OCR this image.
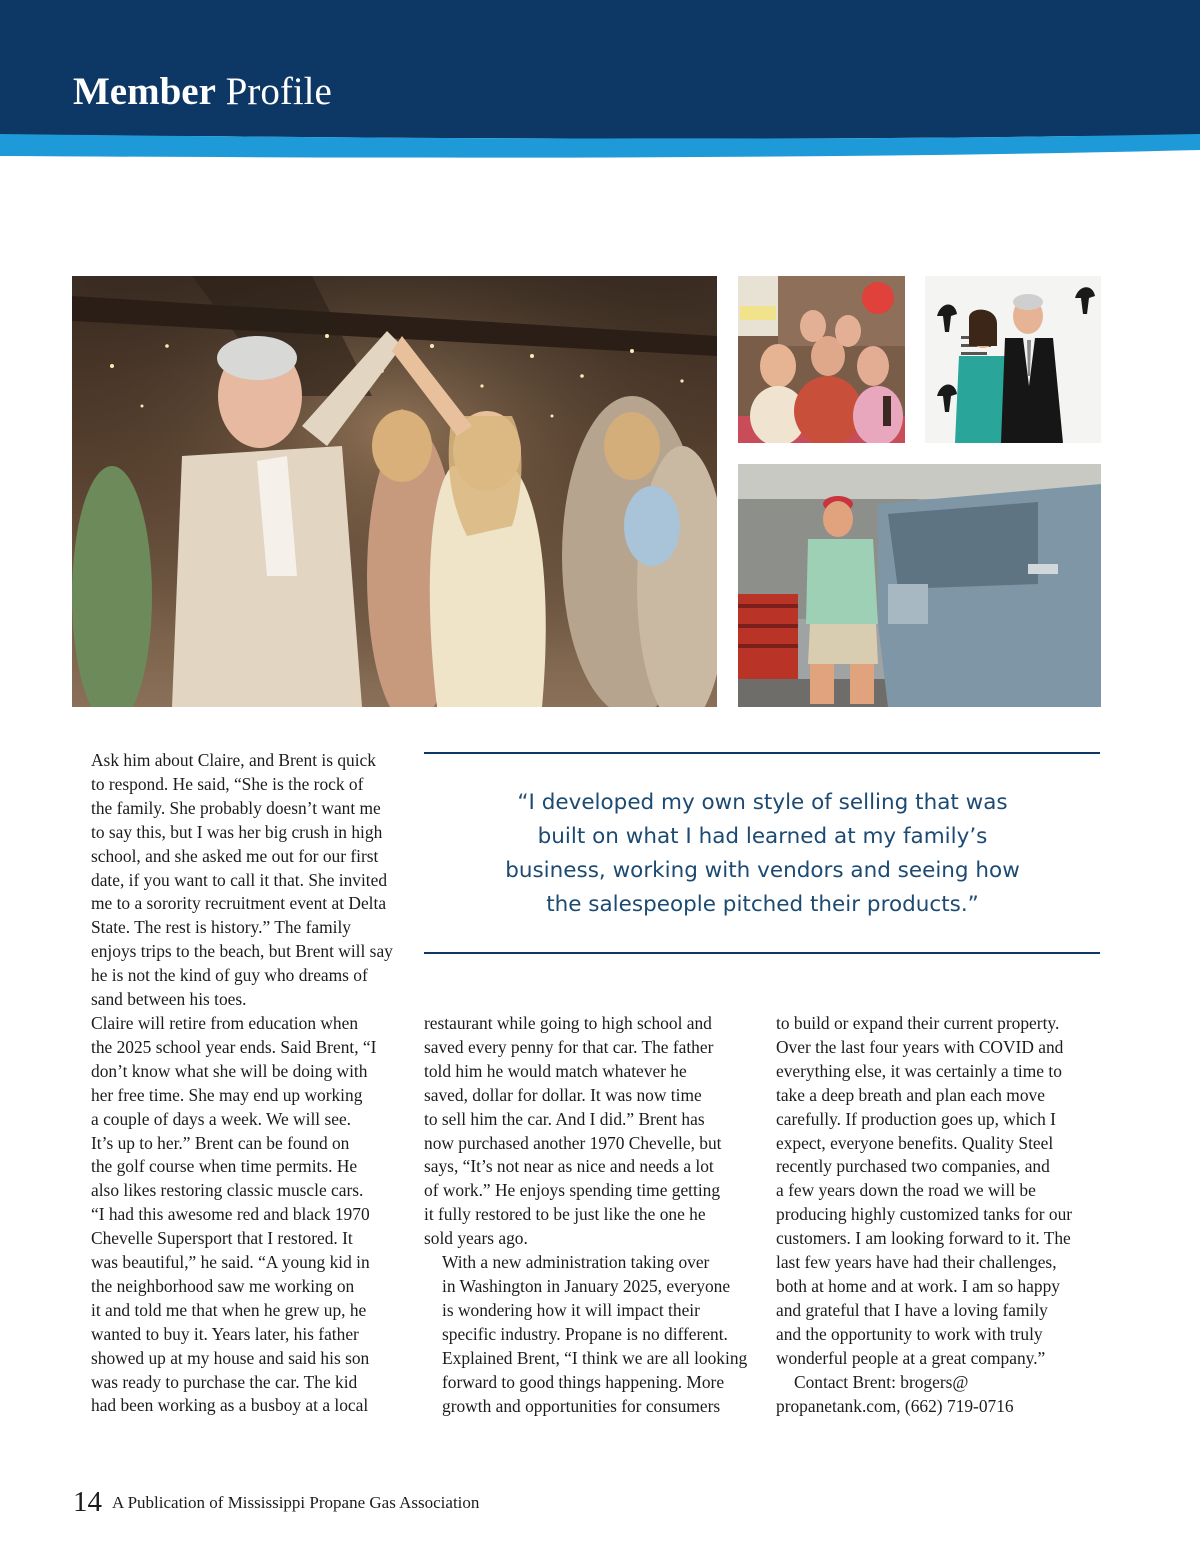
Member Profile

Ask him about Claire, and Brent is quick
to respond. He said, “She is the rock of
the family. She probably doesn’t want me
to say this, but I was her big crush in high
school, and she asked me out for our first
date, if you want to call it that. She invited
me to a sorority recruitment event at Delta
State. The rest is history.” The family
enjoys trips to the beach, but Brent will say
he is not the kind of guy who dreams of
sand between his toes.

Claire will retire from education when
the 2025 school year ends. Said Brent, “I
don’t know what she will be doing with
her free time. She may end up working
a couple of days a week. We will see.
It’s up to her.” Brent can be found on
the golf course when time permits. He
also likes restoring classic muscle cars.
“I had this awesome red and black 1970
Chevelle Supersport that I restored. It
was beautiful,” he said. “A young kid in
the neighborhood saw me working on
it and told me that when he grew up, he
wanted to buy it. Years later, his father
showed up at my house and said his son
was ready to purchase the car. The kid
had been working as a busboy at a local

“I developed my own style of selling that was
built on what I had learned at my family’s
business, working with vendors and seeing how
the salespeople pitched their products.”

restaurant while going to high school and
saved every penny for that car. The father
told him he would match whatever he
saved, dollar for dollar. It was now time
to sell him the car. And I did.” Brent has
now purchased another 1970 Chevelle, but
says, “It’s not near as nice and needs a lot
of work.” He enjoys spending time getting
it fully restored to be just like the one he
sold years ago.

With a new administration taking over
in Washington in January 2025, everyone
is wondering how it will impact their
specific industry. Propane is no different.
Explained Brent, “I think we are all looking
forward to good things happening. More
growth and opportunities for consumers

to build or expand their current property.
Over the last four years with COVID and
everything else, it was certainly a time to
take a deep breath and plan each move
carefully. If production goes up, which I
expect, everyone benefits. Quality Steel
recently purchased two companies, and
a few years down the road we will be
producing highly customized tanks for our
customers. I am looking forward to it. The
last few years have had their challenges,
both at home and at work. I am so happy
and grateful that I have a loving family
and the opportunity to work with truly
wonderful people at a great company.”

Contact Brent: brogers@

propanetank.com, (662) 719-0716

14 A Publication of Mississippi Propane Gas Association
